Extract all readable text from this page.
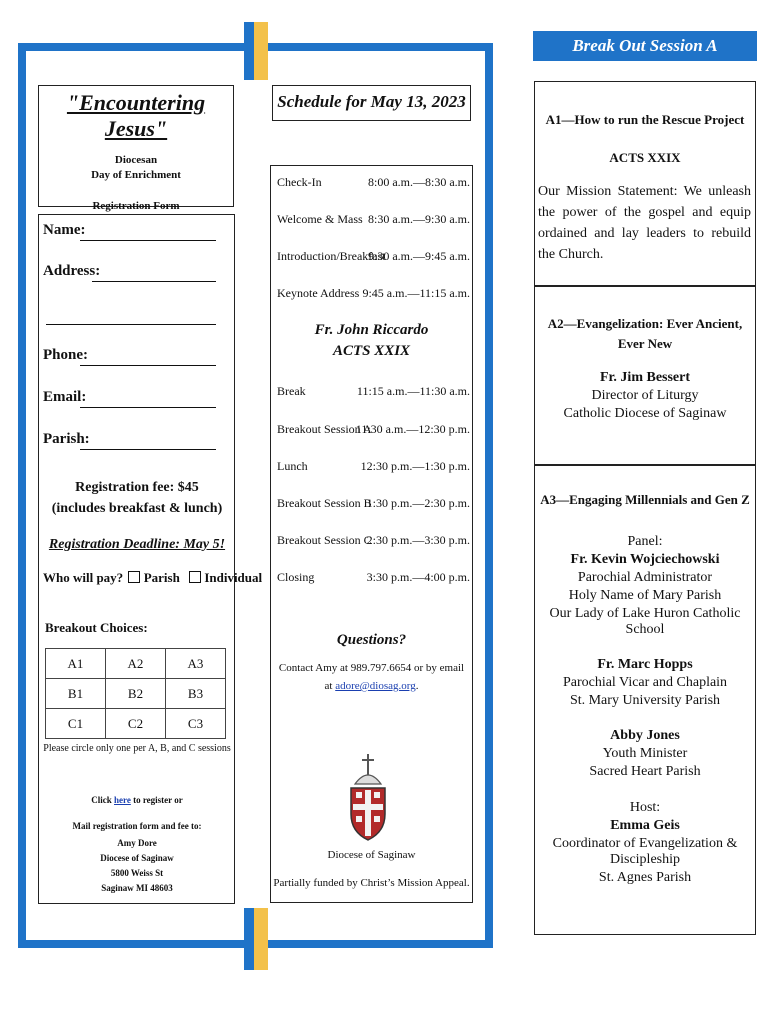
"Encountering Jesus"
Diocesan
Day of Enrichment
Registration Form
Name:
Address:
Phone:
Email:
Parish:
Registration fee: $45
(includes breakfast & lunch)
Registration Deadline: May 5!
Who will pay? Parish Individual
Breakout Choices:
A1	A2	A3
B1	B2	B3
C1	C2	C3
Please circle only one per A, B, and C sessions
Click here to register or
Mail registration form and fee to:
Amy Dore
Diocese of Saginaw
5800 Weiss St
Saginaw MI 48603
Schedule for May 13, 2023
Check-In	8:00 a.m.—8:30 a.m.
Welcome & Mass 8:30 a.m.—9:30 a.m.
Introduction/Breakfast
9:30 a.m.—9:45 a.m.
Keynote Address 9:45 a.m.—11:15 a.m.
Fr. John Riccardo
ACTS XXIX
Break	11:15 a.m.—11:30 a.m.
Breakout Session A
11:30 a.m.—12:30 p.m.
Lunch	12:30 p.m.—1:30 p.m.
Breakout Session B
1:30 p.m.—2:30 p.m.
Breakout Session C
2:30 p.m.—3:30 p.m.
Closing	3:30 p.m.—4:00 p.m.
Questions?
Contact Amy at 989.797.6654 or by email
at adore@diosag.org.
Diocese of Saginaw
Partially funded by Christ’s Mission Appeal.
Break Out Session A
A1—How to run the Rescue Project
ACTS XXIX
Our Mission Statement: We unleash the power of the gospel and equip ordained and lay leaders to rebuild the Church.
A2—Evangelization: Ever Ancient,
Ever New
Fr. Jim Bessert
Director of Liturgy
Catholic Diocese of Saginaw
A3—Engaging Millennials and Gen Z
Panel:
Fr. Kevin Wojciechowski
Parochial Administrator
Holy Name of Mary Parish
Our Lady of Lake Huron Catholic School
Fr. Marc Hopps
Parochial Vicar and Chaplain
St. Mary University Parish
Abby Jones
Youth Minister
Sacred Heart Parish
Host:
Emma Geis
Coordinator of Evangelization & Discipleship
St. Agnes Parish
